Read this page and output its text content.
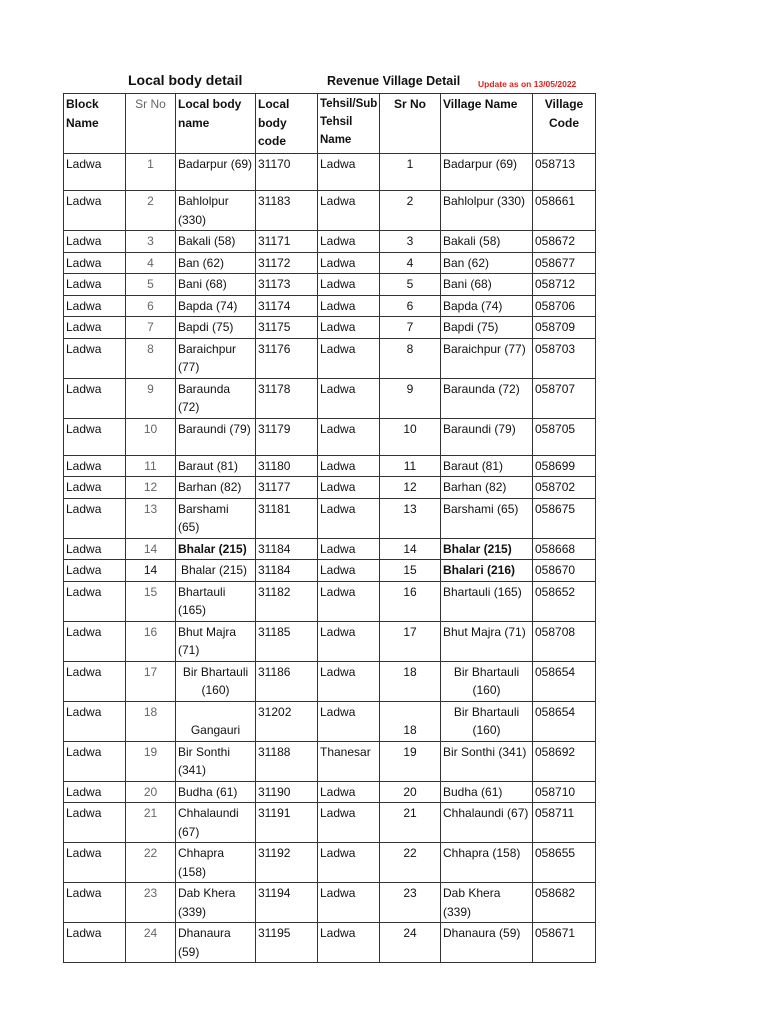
Local body detail	Revenue Village Detail Update as on 13/05/2022
Block Name	Sr No	Local body name	Local body code	Tehsil/Sub Tehsil Name	Sr No	Village Name	Village Code
Ladwa	1	Badarpur (69)	31170	Ladwa	1	Badarpur (69)	058713
Ladwa	2	Bahlolpur (330)	31183	Ladwa	2	Bahlolpur (330)	058661
Ladwa	3	Bakali (58)	31171	Ladwa	3	Bakali (58)	058672
Ladwa	4	Ban (62)	31172	Ladwa	4	Ban (62)	058677
Ladwa	5	Bani (68)	31173	Ladwa	5	Bani (68)	058712
Ladwa	6	Bapda (74)	31174	Ladwa	6	Bapda (74)	058706
Ladwa	7	Bapdi (75)	31175	Ladwa	7	Bapdi (75)	058709
Ladwa	8	Baraichpur (77)	31176	Ladwa	8	Baraichpur (77)	058703
Ladwa	9	Baraunda (72)	31178	Ladwa	9	Baraunda (72)	058707
Ladwa	10	Baraundi (79)	31179	Ladwa	10	Baraundi (79)	058705
Ladwa	11	Baraut (81)	31180	Ladwa	11	Baraut (81)	058699
Ladwa	12	Barhan (82)	31177	Ladwa	12	Barhan (82)	058702
Ladwa	13	Barshami (65)	31181	Ladwa	13	Barshami (65)	058675
Ladwa	14	Bhalar (215)	31184	Ladwa	14	Bhalar (215)	058668
Ladwa	14	Bhalar (215)	31184	Ladwa	15	Bhalari (216)	058670
Ladwa	15	Bhartauli (165)	31182	Ladwa	16	Bhartauli (165)	058652
Ladwa	16	Bhut Majra (71)	31185	Ladwa	17	Bhut Majra (71)	058708
Ladwa	17	Bir Bhartauli (160)	31186	Ladwa	18	Bir Bhartauli (160)	058654
Ladwa	18	Gangauri	31202	Ladwa	18	Bir Bhartauli (160)	058654
Ladwa	19	Bir Sonthi (341)	31188	Thanesar	19	Bir Sonthi (341)	058692
Ladwa	20	Budha (61)	31190	Ladwa	20	Budha (61)	058710
Ladwa	21	Chhalaundi (67)	31191	Ladwa	21	Chhalaundi (67)	058711
Ladwa	22	Chhapra (158)	31192	Ladwa	22	Chhapra (158)	058655
Ladwa	23	Dab Khera (339)	31194	Ladwa	23	Dab Khera (339)	058682
Ladwa	24	Dhanaura (59)	31195	Ladwa	24	Dhanaura (59)	058671
